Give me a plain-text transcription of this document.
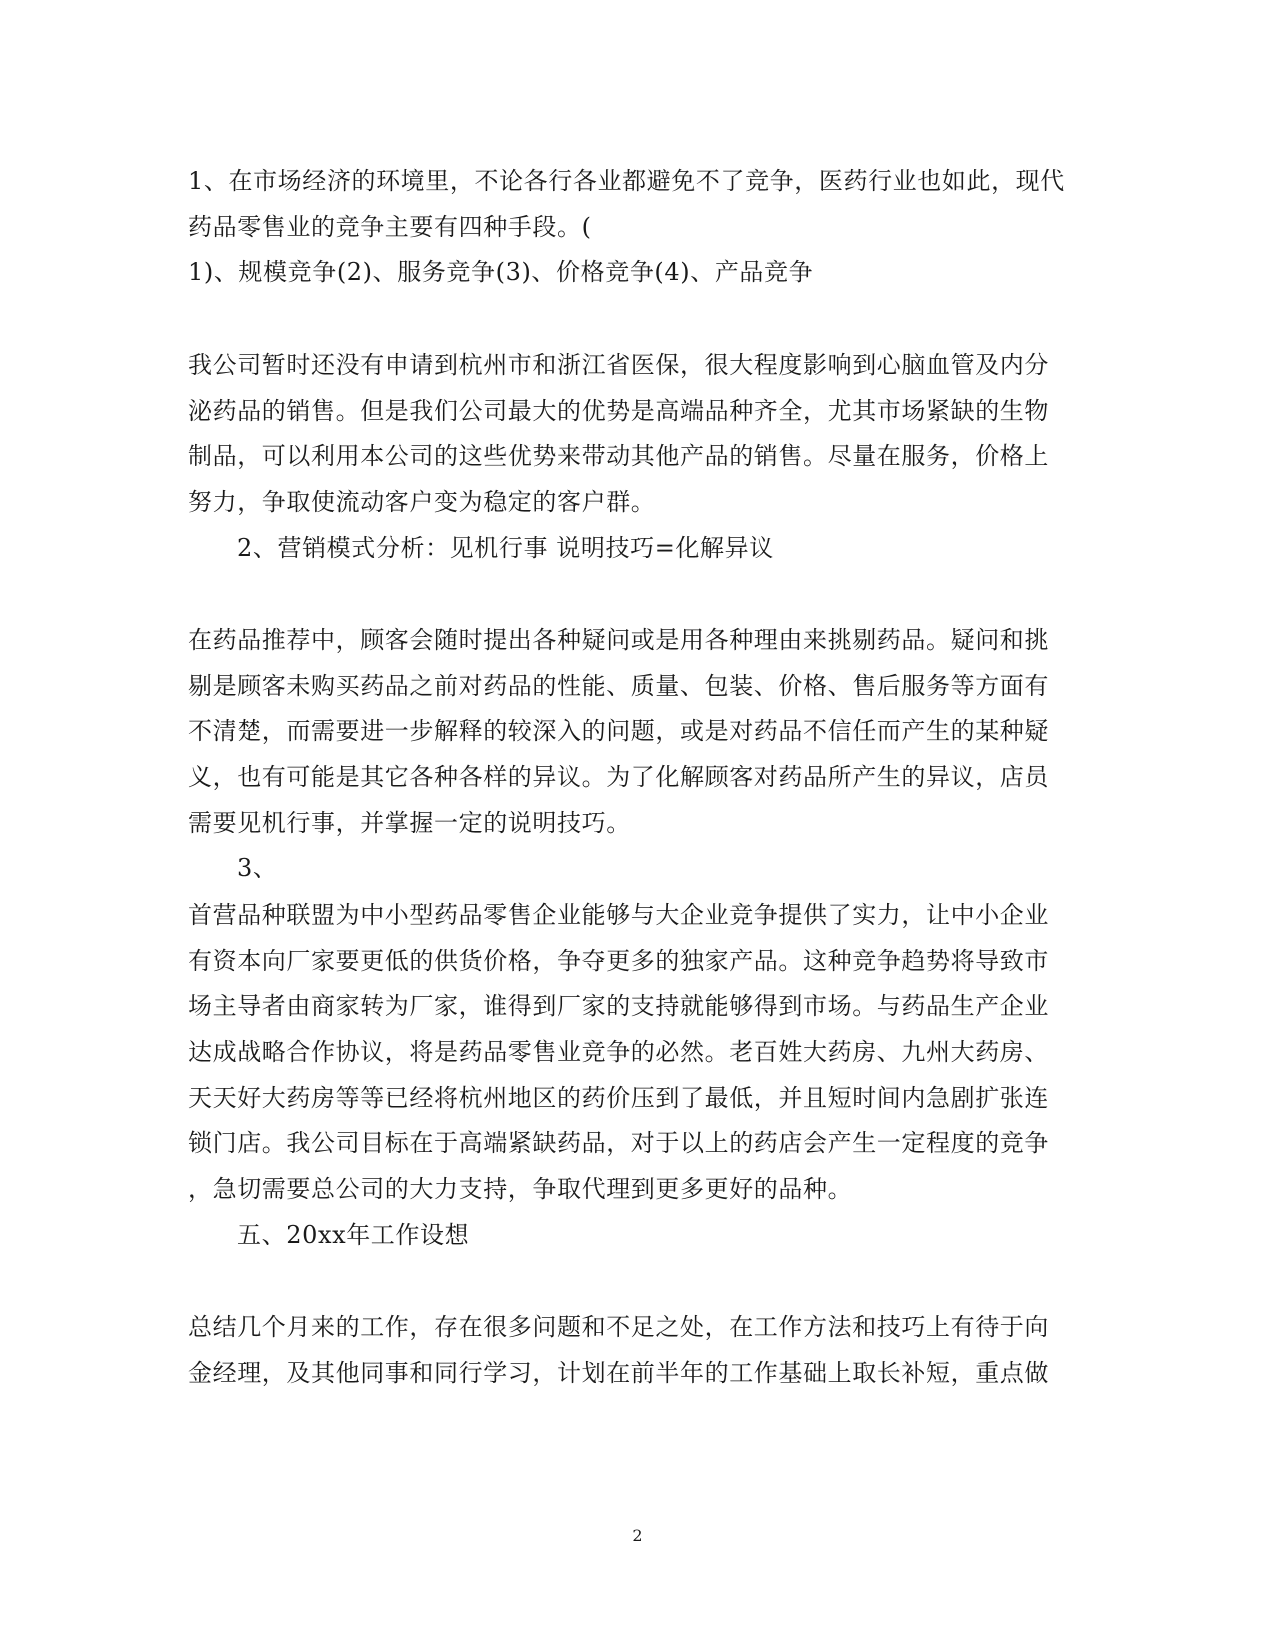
1、在市场经济的环境里，不论各行各业都避免不了竞争，医药行业也如此，现代
药品零售业的竞争主要有四种手段。(
1)、规模竞争(2)、服务竞争(3)、价格竞争(4)、产品竞争
我公司暂时还没有申请到杭州市和浙江省医保，很大程度影响到心脑血管及内分
泌药品的销售。但是我们公司最大的优势是高端品种齐全，尤其市场紧缺的生物
制品，可以利用本公司的这些优势来带动其他产品的销售。尽量在服务，价格上
努力，争取使流动客户变为稳定的客户群。
2、营销模式分析：见机行事 说明技巧=化解异议
在药品推荐中，顾客会随时提出各种疑问或是用各种理由来挑剔药品。疑问和挑
剔是顾客未购买药品之前对药品的性能、质量、包装、价格、售后服务等方面有
不清楚，而需要进一步解释的较深入的问题，或是对药品不信任而产生的某种疑
义，也有可能是其它各种各样的异议。为了化解顾客对药品所产生的异议，店员
需要见机行事，并掌握一定的说明技巧。
3、
首营品种联盟为中小型药品零售企业能够与大企业竞争提供了实力，让中小企业
有资本向厂家要更低的供货价格，争夺更多的独家产品。这种竞争趋势将导致市
场主导者由商家转为厂家，谁得到厂家的支持就能够得到市场。与药品生产企业
达成战略合作协议，将是药品零售业竞争的必然。老百姓大药房、九州大药房、
天天好大药房等等已经将杭州地区的药价压到了最低，并且短时间内急剧扩张连
锁门店。我公司目标在于高端紧缺药品，对于以上的药店会产生一定程度的竞争
，急切需要总公司的大力支持，争取代理到更多更好的品种。
五、20xx年工作设想
总结几个月来的工作，存在很多问题和不足之处，在工作方法和技巧上有待于向
金经理，及其他同事和同行学习，计划在前半年的工作基础上取长补短，重点做
2
